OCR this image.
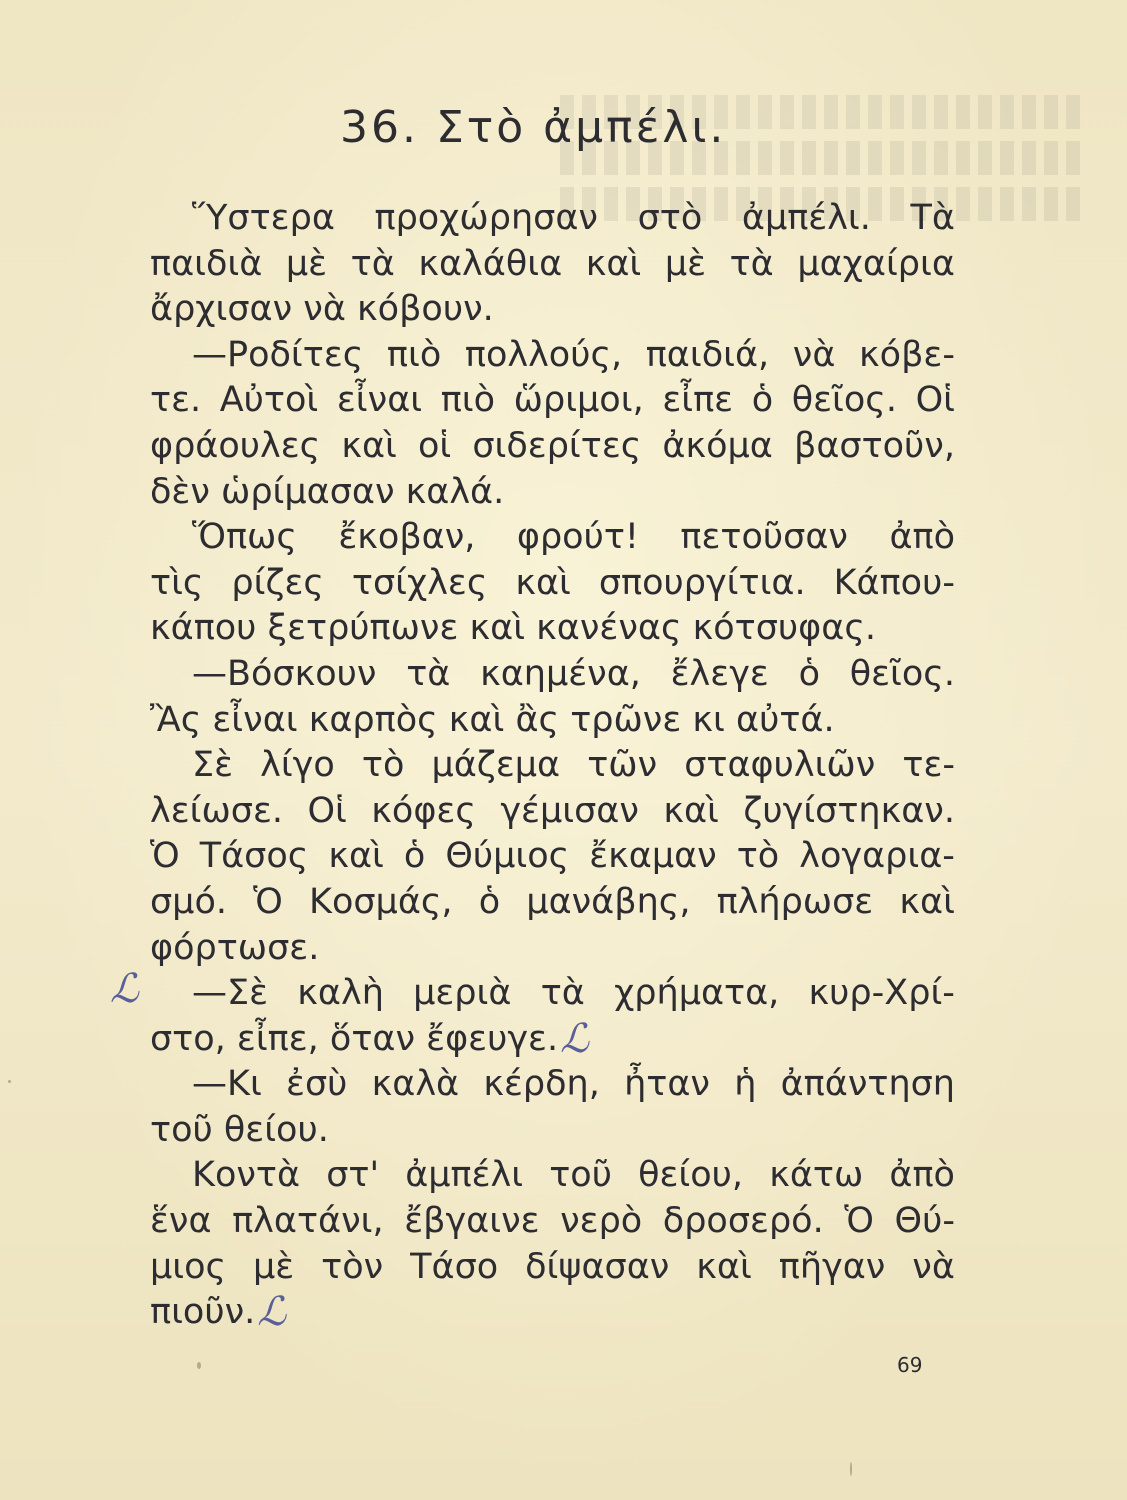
36. Στὸ ἀμπέλι.
Ὕστερα προχώρησαν στὸ ἀμπέλι. Τὰ
παιδιὰ μὲ τὰ καλάθια καὶ μὲ τὰ μαχαίρια
ἄρχισαν νὰ κόβουν.
—Ροδίτες πιὸ πολλούς, παιδιά, νὰ κόβε-
τε. Αὐτοὶ εἶναι πιὸ ὥριμοι, εἶπε ὁ θεῖος. Οἱ
φράουλες καὶ οἱ σιδερίτες ἀκόμα βαστοῦν,
δὲν ὡρίμασαν καλά.
Ὅπως ἔκοβαν, φρούτ! πετοῦσαν ἀπὸ
τὶς ρίζες τσίχλες καὶ σπουργίτια. Κάπου-
κάπου ξετρύπωνε καὶ κανένας κότσυφας.
—Βόσκουν τὰ καημένα, ἔλεγε ὁ θεῖος.
Ἂς εἶναι καρπὸς καὶ ἂς τρῶνε κι αὐτά.
Σὲ λίγο τὸ μάζεμα τῶν σταφυλιῶν τε-
λείωσε. Οἱ κόφες γέμισαν καὶ ζυγίστηκαν.
Ὁ Τάσος καὶ ὁ Θύμιος ἔκαμαν τὸ λογαρια-
σμό. Ὁ Κοσμάς, ὁ μανάβης, πλήρωσε καὶ
φόρτωσε.
ℒ —Σὲ καλὴ μεριὰ τὰ χρήματα, κυρ-Χρί-
στο, εἶπε, ὅταν ἔφευγε. ℒ
—Κι ἐσὺ καλὰ κέρδη, ἦταν ἡ ἀπάντηση
τοῦ θείου.
Κοντὰ στ' ἀμπέλι τοῦ θείου, κάτω ἀπὸ
ἕνα πλατάνι, ἔβγαινε νερὸ δροσερό. Ὁ Θύ-
μιος μὲ τὸν Τάσο δίψασαν καὶ πῆγαν νὰ
πιοῦν. ℒ
69
